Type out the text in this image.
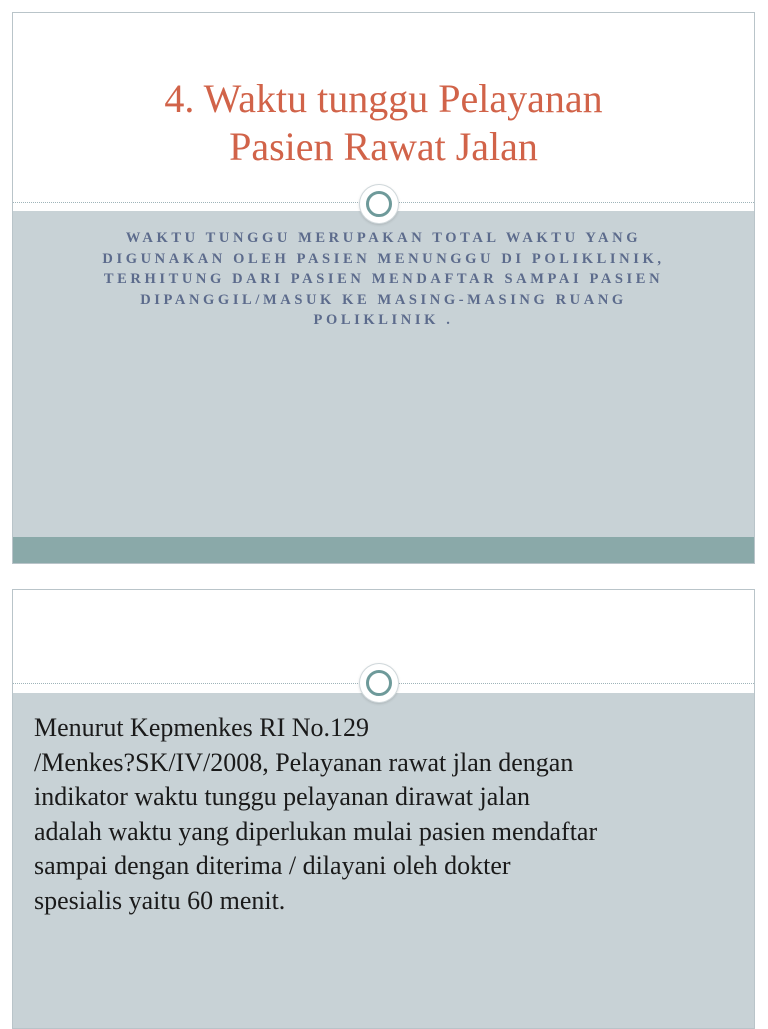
4. Waktu tunggu Pelayanan
Pasien Rawat Jalan
WAKTU TUNGGU MERUPAKAN TOTAL WAKTU YANG
DIGUNAKAN OLEH PASIEN MENUNGGU DI POLIKLINIK,
TERHITUNG DARI PASIEN MENDAFTAR SAMPAI PASIEN
DIPANGGIL/MASUK KE MASING-MASING RUANG
POLIKLINIK .
Menurut Kepmenkes RI No.129
/Menkes?SK/IV/2008, Pelayanan rawat jlan dengan
indikator waktu tunggu pelayanan dirawat jalan
adalah waktu yang diperlukan mulai pasien mendaftar
sampai dengan diterima / dilayani oleh dokter
spesialis yaitu 60 menit.
